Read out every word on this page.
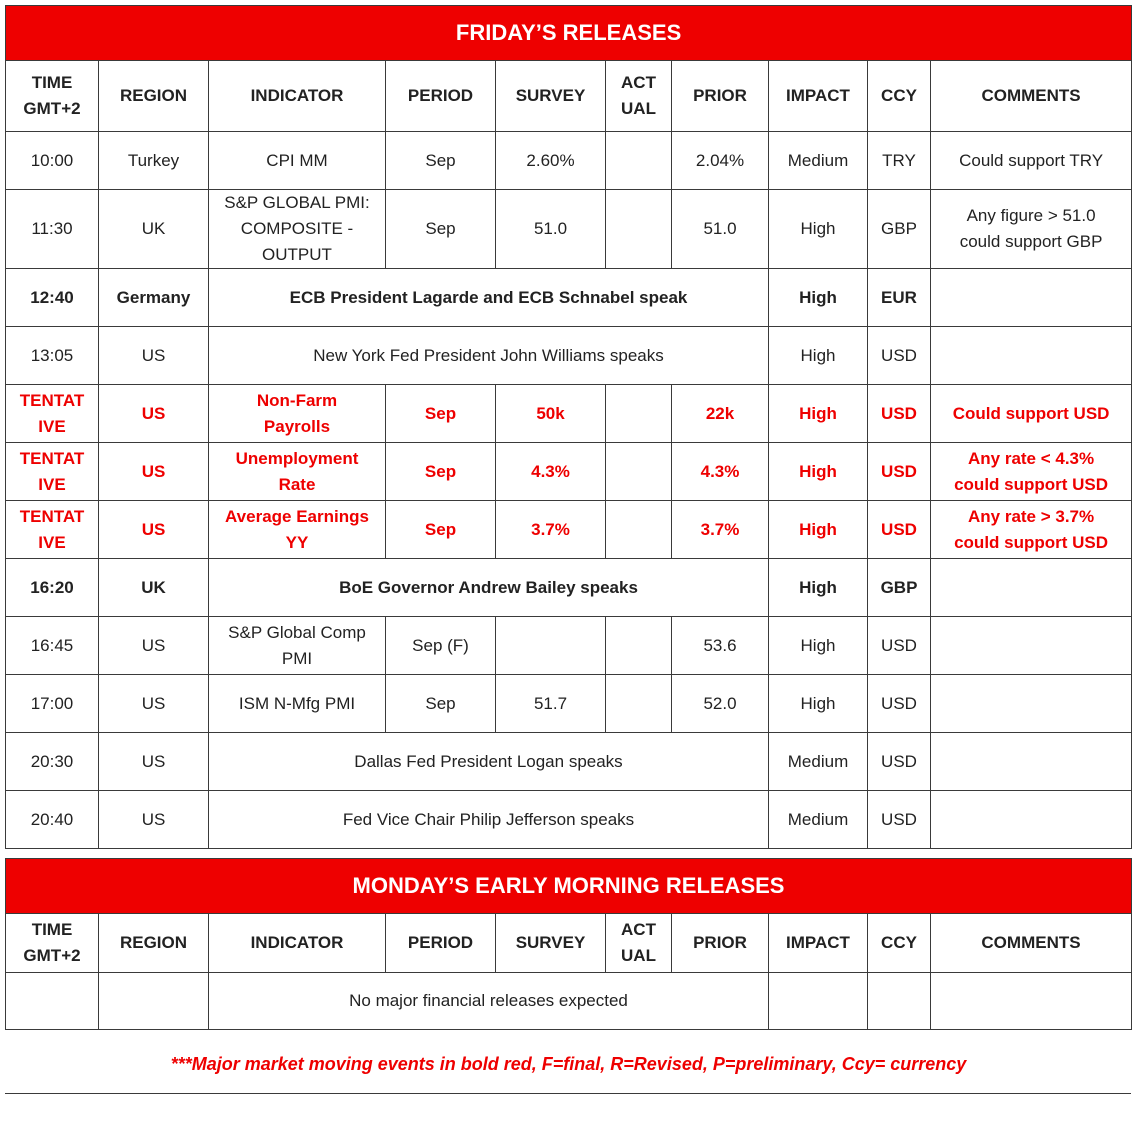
FRIDAY’S RELEASES									
TIME
GMT+2	REGION	INDICATOR	PERIOD	SURVEY	ACT
UAL	PRIOR	IMPACT	CCY	COMMENTS
10:00	Turkey	CPI MM	Sep	2.60%		2.04%	Medium	TRY	Could support TRY
11:30	UK	S&P GLOBAL PMI:
COMPOSITE -
OUTPUT	Sep	51.0		51.0	High	GBP	Any figure > 51.0
could support GBP
12:40	Germany	ECB President Lagarde and ECB Schnabel speak					High	EUR	
13:05	US	New York Fed President John Williams speaks					High	USD	
TENTAT
IVE	US	Non-Farm
Payrolls	Sep	50k		22k	High	USD	Could support USD
TENTAT
IVE	US	Unemployment
Rate	Sep	4.3%		4.3%	High	USD	Any rate < 4.3%
could support USD
TENTAT
IVE	US	Average Earnings
YY	Sep	3.7%		3.7%	High	USD	Any rate > 3.7%
could support USD
16:20	UK	BoE Governor Andrew Bailey speaks					High	GBP	
16:45	US	S&P Global Comp
PMI	Sep (F)			53.6	High	USD	
17:00	US	ISM N-Mfg PMI	Sep	51.7		52.0	High	USD	
20:30	US	Dallas Fed President Logan speaks					Medium	USD	
20:40	US	Fed Vice Chair Philip Jefferson speaks					Medium	USD	
MONDAY’S EARLY MORNING RELEASES									
TIME
GMT+2	REGION	INDICATOR	PERIOD	SURVEY	ACT
UAL	PRIOR	IMPACT	CCY	COMMENTS
		No major financial releases expected							
***Major market moving events in bold red, F=final, R=Revised, P=preliminary, Ccy= currency
